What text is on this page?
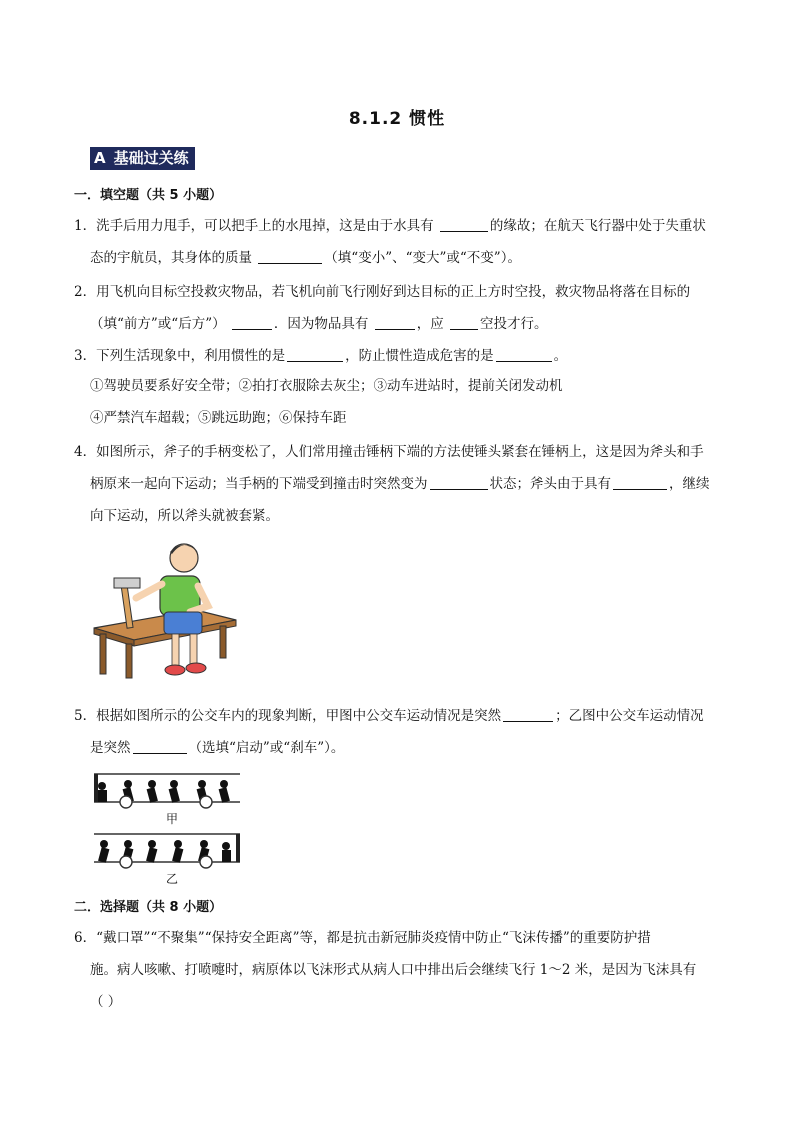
8.1.2 惯性
A 基础过关练
一．填空题（共 5 小题）
1．洗手后用力甩手，可以把手上的水甩掉，这是由于水具有	的缘故；在航天飞行器中处于失重状
态的宇航员，其身体的质量	（填“变小”、“变大”或“不变”）。
2．用飞机向目标空投救灾物品，若飞机向前飞行刚好到达目标的正上方时空投，救灾物品将落在目标的
（填“前方”或“后方”）	．因为物品具有	，应 空投才行。
3．下列生活现象中，利用惯性的是	，防止惯性造成危害的是	。
①驾驶员要系好安全带；②拍打衣服除去灰尘；③动车进站时，提前关闭发动机
④严禁汽车超载；⑤跳远助跑；⑥保持车距
4．如图所示，斧子的手柄变松了，人们常用撞击锤柄下端的方法使锤头紧套在锤柄上，这是因为斧头和手
柄原来一起向下运动；当手柄的下端受到撞击时突然变为	状态；斧头由于具有	，继续
向下运动，所以斧头就被套紧。
5．根据如图所示的公交车内的现象判断，甲图中公交车运动情况是突然	；乙图中公交车运动情况
是突然	（选填“启动”或“刹车”）。
甲
乙
二．选择题（共 8 小题）
6．“戴口罩”“不聚集”“保持安全距离”等，都是抗击新冠肺炎疫情中防止“飞沫传播”的重要防护措
施。病人咳嗽、打喷嚏时，病原体以飞沫形式从病人口中排出后会继续飞行 1～2 米，是因为飞沫具有
（ ）
